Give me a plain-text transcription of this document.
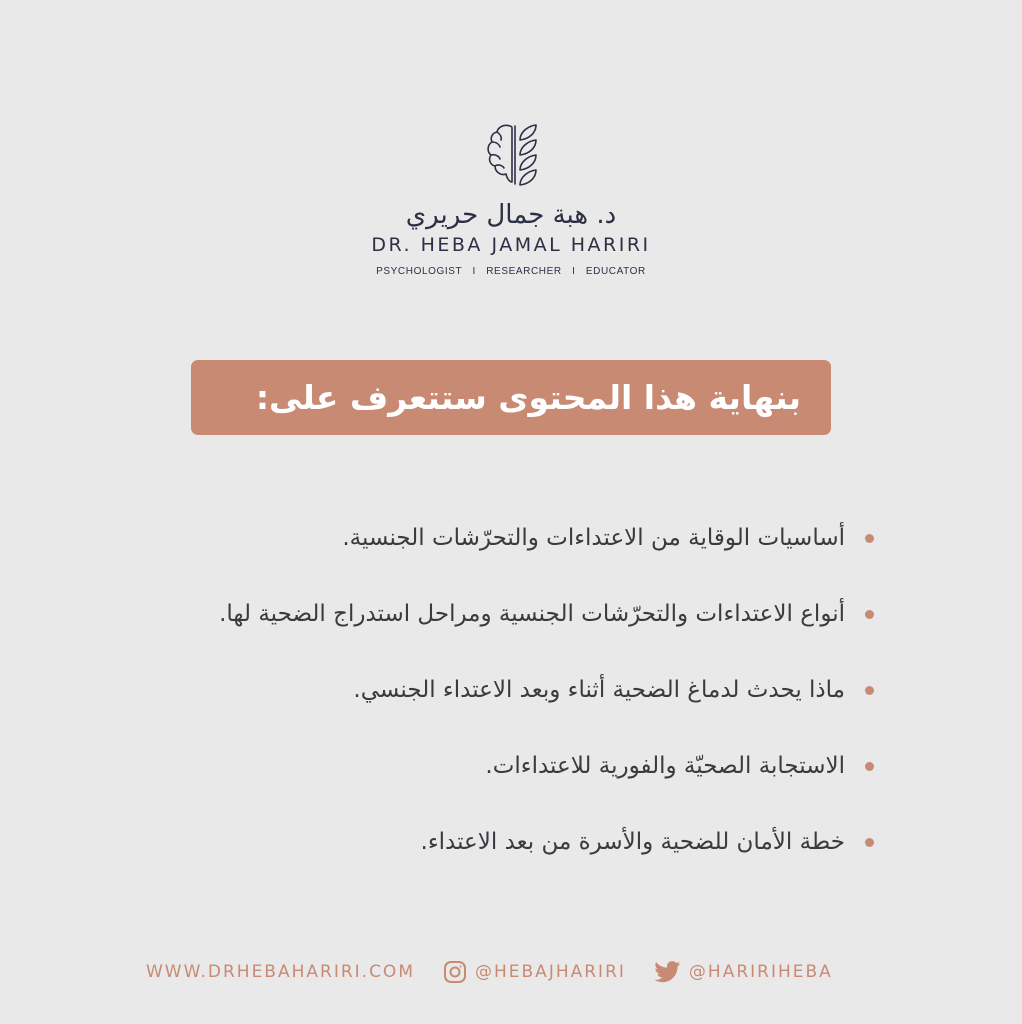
د. هبة جمال حريري
DR. HEBA JAMAL HARIRI
PSYCHOLOGIST I RESEARCHER I EDUCATOR
بنهاية هذا المحتوى ستتعرف على:
أساسيات الوقاية من الاعتداءات والتحرّشات الجنسية.
أنواع الاعتداءات والتحرّشات الجنسية ومراحل استدراج الضحية لها.
ماذا يحدث لدماغ الضحية أثناء وبعد الاعتداء الجنسي.
الاستجابة الصحيّة والفورية للاعتداءات.
خطة الأمان للضحية والأسرة من بعد الاعتداء.
WWW.DRHEBAHARIRI.COM	@HEBAJHARIRI	@HARIRIHEBA
